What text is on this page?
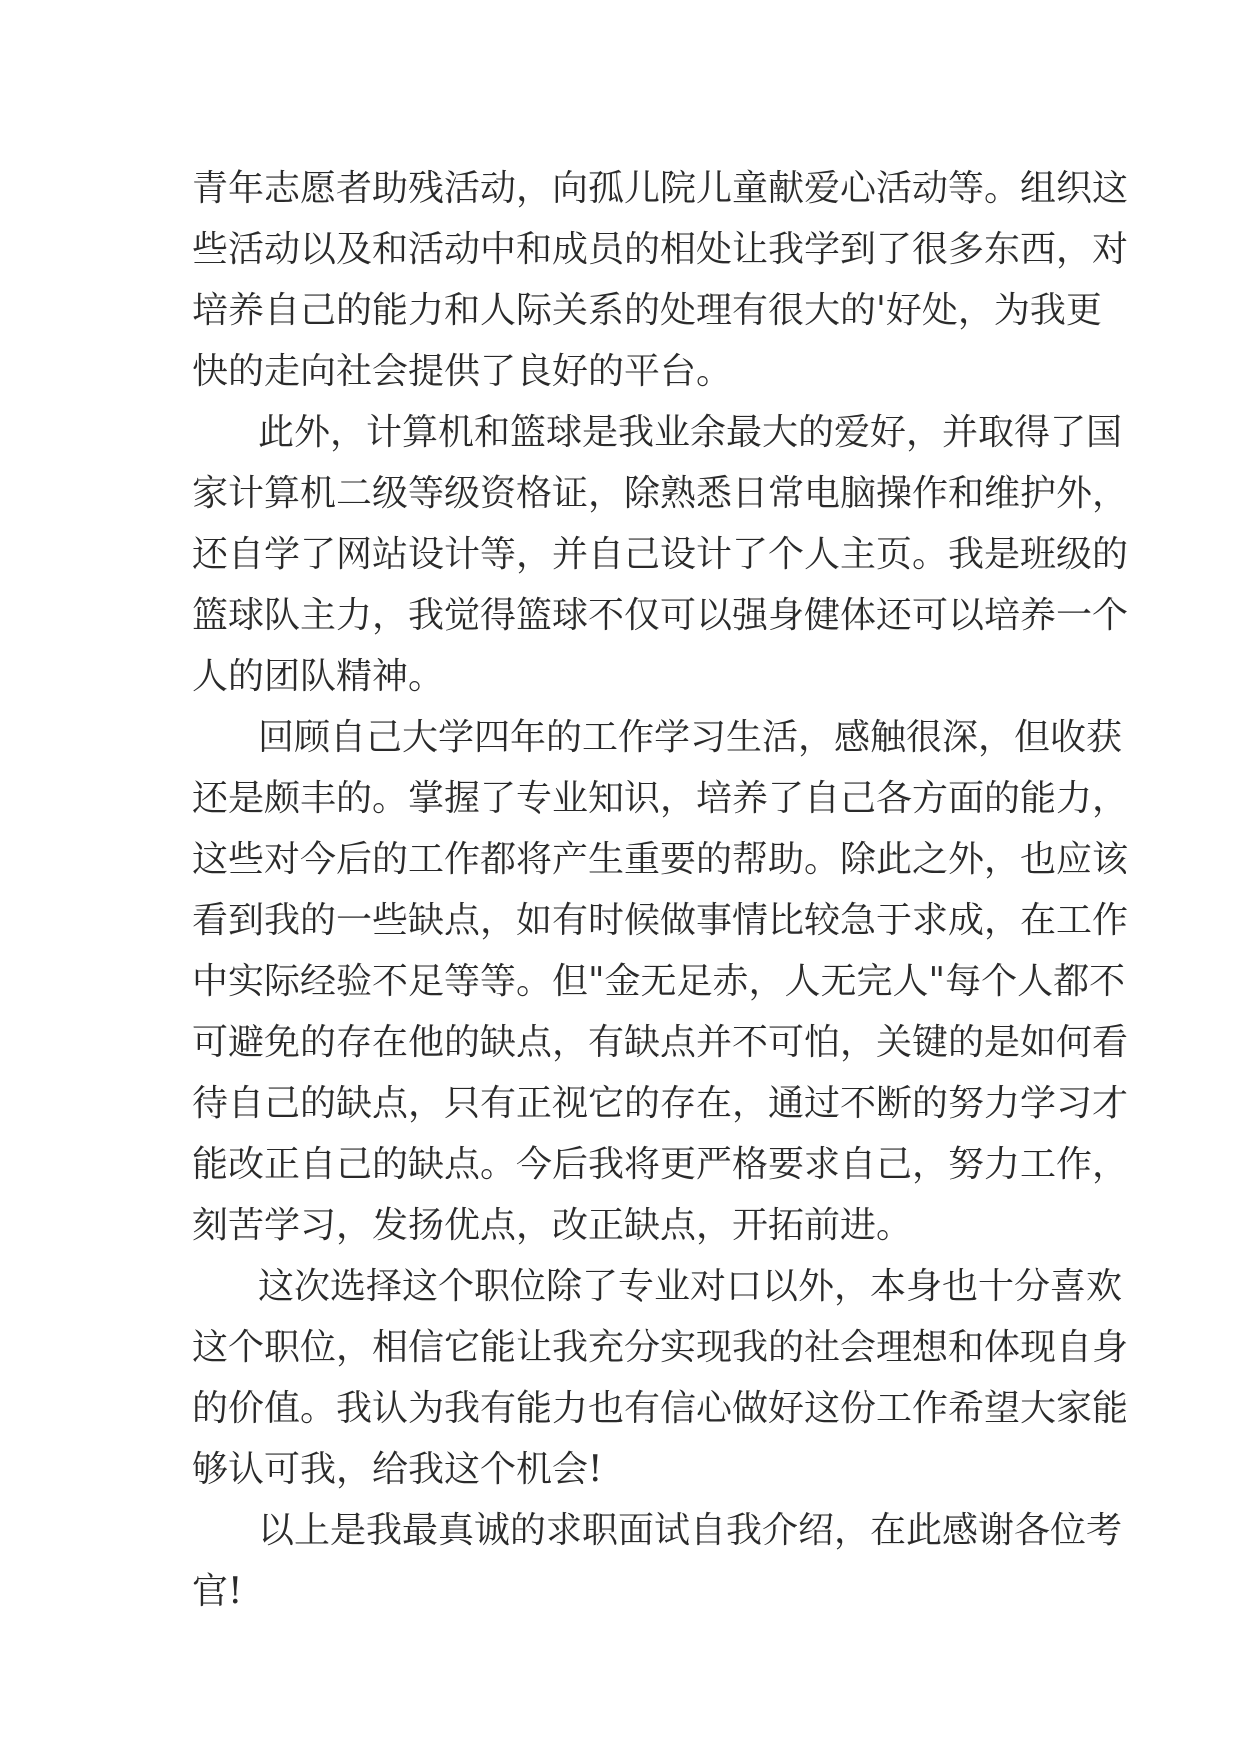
青年志愿者助残活动，向孤儿院儿童献爱心活动等。组织这
些活动以及和活动中和成员的相处让我学到了很多东西，对
培养自己的能力和人际关系的处理有很大的'好处，为我更
快的走向社会提供了良好的平台。
此外，计算机和篮球是我业余最大的爱好，并取得了国
家计算机二级等级资格证，除熟悉日常电脑操作和维护外，
还自学了网站设计等，并自己设计了个人主页。我是班级的
篮球队主力，我觉得篮球不仅可以强身健体还可以培养一个
人的团队精神。
回顾自己大学四年的工作学习生活，感触很深，但收获
还是颇丰的。掌握了专业知识，培养了自己各方面的能力，
这些对今后的工作都将产生重要的帮助。除此之外，也应该
看到我的一些缺点，如有时候做事情比较急于求成，在工作
中实际经验不足等等。但"金无足赤，人无完人"每个人都不
可避免的存在他的缺点，有缺点并不可怕，关键的是如何看
待自己的缺点，只有正视它的存在，通过不断的努力学习才
能改正自己的缺点。今后我将更严格要求自己，努力工作，
刻苦学习，发扬优点，改正缺点，开拓前进。
这次选择这个职位除了专业对口以外，本身也十分喜欢
这个职位，相信它能让我充分实现我的社会理想和体现自身
的价值。我认为我有能力也有信心做好这份工作希望大家能
够认可我，给我这个机会!
以上是我最真诚的求职面试自我介绍，在此感谢各位考
官!
